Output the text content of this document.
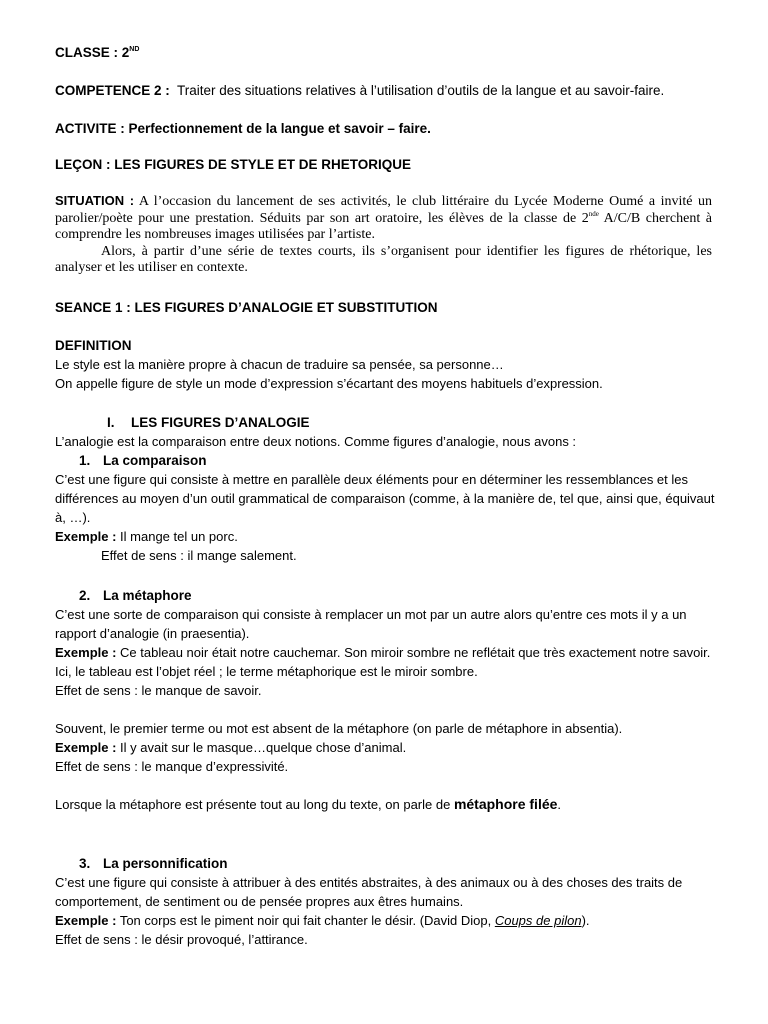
CLASSE : 2ND
COMPETENCE 2 : Traiter des situations relatives à l’utilisation d’outils de la langue et au savoir-faire.
ACTIVITE : Perfectionnement de la langue et savoir – faire.
LEÇON : LES FIGURES DE STYLE ET DE RHETORIQUE

SITUATION : A l’occasion du lancement de ses activités, le club littéraire du Lycée Moderne Oumé a invité un parolier/poète pour une prestation. Séduits par son art oratoire, les élèves de la classe de 2nde A/C/B cherchent à comprendre les nombreuses images utilisées par l’artiste.

Alors, à partir d’une série de textes courts, ils s’organisent pour identifier les figures de rhétorique, les analyser et les utiliser en contexte.

SEANCE 1 : LES FIGURES D’ANALOGIE ET SUBSTITUTION
DEFINITION
Le style est la manière propre à chacun de traduire sa pensée, sa personne…
On appelle figure de style un mode d’expression s’écartant des moyens habituels d’expression.
I. LES FIGURES D’ANALOGIE
L’analogie est la comparaison entre deux notions. Comme figures d’analogie, nous avons :
1. La comparaison
C’est une figure qui consiste à mettre en parallèle deux éléments pour en déterminer les ressemblances et les différences au moyen d’un outil grammatical de comparaison (comme, à la manière de, tel que, ainsi que, équivaut à, …).
Exemple : Il mange tel un porc.
Effet de sens : il mange salement.
2. La métaphore
C’est une sorte de comparaison qui consiste à remplacer un mot par un autre alors qu’entre ces mots il y a un rapport d’analogie (in praesentia).
Exemple : Ce tableau noir était notre cauchemar. Son miroir sombre ne reflétait que très exactement notre savoir.
Ici, le tableau est l’objet réel ; le terme métaphorique est le miroir sombre.
Effet de sens : le manque de savoir.
Souvent, le premier terme ou mot est absent de la métaphore (on parle de métaphore in absentia).
Exemple : Il y avait sur le masque…quelque chose d’animal.
Effet de sens : le manque d’expressivité.
Lorsque la métaphore est présente tout au long du texte, on parle de métaphore filée.
3. La personnification
C’est une figure qui consiste à attribuer à des entités abstraites, à des animaux ou à des choses des traits de comportement, de sentiment ou de pensée propres aux êtres humains.
Exemple : Ton corps est le piment noir qui fait chanter le désir. (David Diop, Coups de pilon).
Effet de sens : le désir provoqué, l’attirance.
